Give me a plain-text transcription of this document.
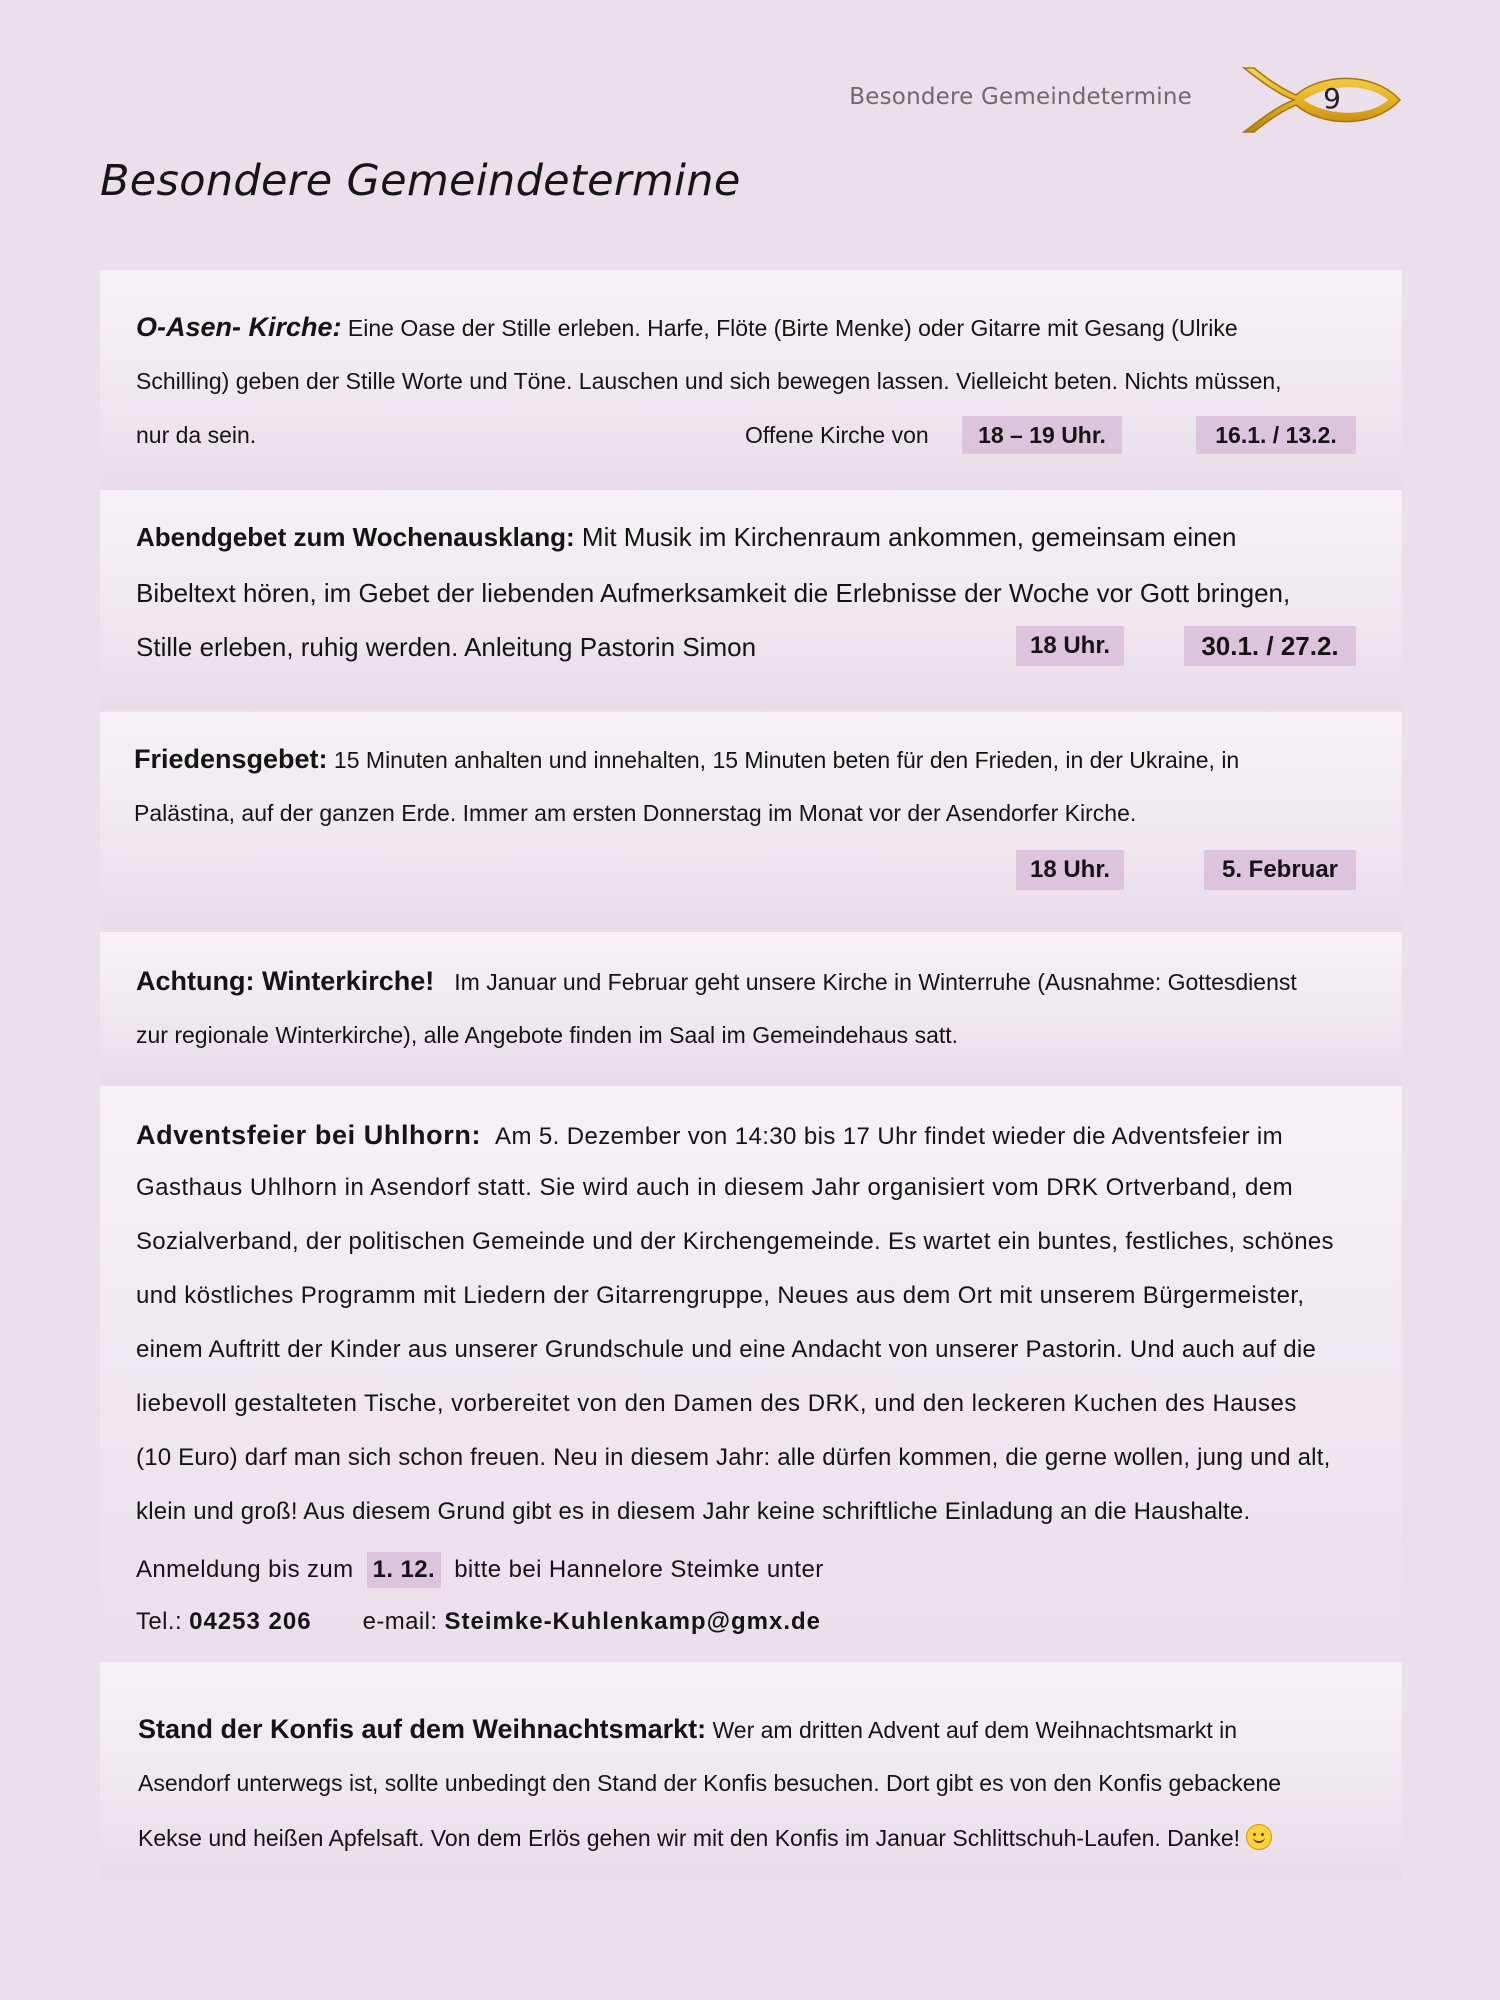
Besondere Gemeindetermine	9
Besondere Gemeindetermine

O-Asen- Kirche: Eine Oase der Stille erleben. Harfe, Flöte (Birte Menke) oder Gitarre mit Gesang (Ulrike

Schilling) geben der Stille Worte und Töne. Lauschen und sich bewegen lassen. Vielleicht beten. Nichts müssen,

nur da sein.	Offene Kirche von	18 – 19 Uhr.	16.1. / 13.2.

Abendgebet zum Wochenausklang: Mit Musik im Kirchenraum ankommen, gemeinsam einen

Bibeltext hören, im Gebet der liebenden Aufmerksamkeit die Erlebnisse der Woche vor Gott bringen,

Stille erleben, ruhig werden. Anleitung Pastorin Simon	18 Uhr.	30.1. / 27.2.

Friedensgebet: 15 Minuten anhalten und innehalten, 15 Minuten beten für den Frieden, in der Ukraine, in

Palästina, auf der ganzen Erde. Immer am ersten Donnerstag im Monat vor der Asendorfer Kirche.

18 Uhr.	5. Februar

Achtung: Winterkirche! Im Januar und Februar geht unsere Kirche in Winterruhe (Ausnahme: Gottesdienst

zur regionale Winterkirche), alle Angebote finden im Saal im Gemeindehaus satt.

Adventsfeier bei Uhlhorn: Am 5. Dezember von 14:30 bis 17 Uhr findet wieder die Adventsfeier im

Gasthaus Uhlhorn in Asendorf statt. Sie wird auch in diesem Jahr organisiert vom DRK Ortverband, dem

Sozialverband, der politischen Gemeinde und der Kirchengemeinde. Es wartet ein buntes, festliches, schönes

und köstliches Programm mit Liedern der Gitarrengruppe, Neues aus dem Ort mit unserem Bürgermeister,

einem Auftritt der Kinder aus unserer Grundschule und eine Andacht von unserer Pastorin. Und auch auf die

liebevoll gestalteten Tische, vorbereitet von den Damen des DRK, und den leckeren Kuchen des Hauses

(10 Euro) darf man sich schon freuen. Neu in diesem Jahr: alle dürfen kommen, die gerne wollen, jung und alt,

klein und groß! Aus diesem Grund gibt es in diesem Jahr keine schriftliche Einladung an die Haushalte.

Anmeldung bis zum 1. 12. bitte bei Hannelore Steimke unter

Tel.: 04253 206 e-mail: Steimke-Kuhlenkamp@gmx.de

Stand der Konfis auf dem Weihnachtsmarkt: Wer am dritten Advent auf dem Weihnachtsmarkt in

Asendorf unterwegs ist, sollte unbedingt den Stand der Konfis besuchen. Dort gibt es von den Konfis gebackene

Kekse und heißen Apfelsaft. Von dem Erlös gehen wir mit den Konfis im Januar Schlittschuh-Laufen. Danke!
